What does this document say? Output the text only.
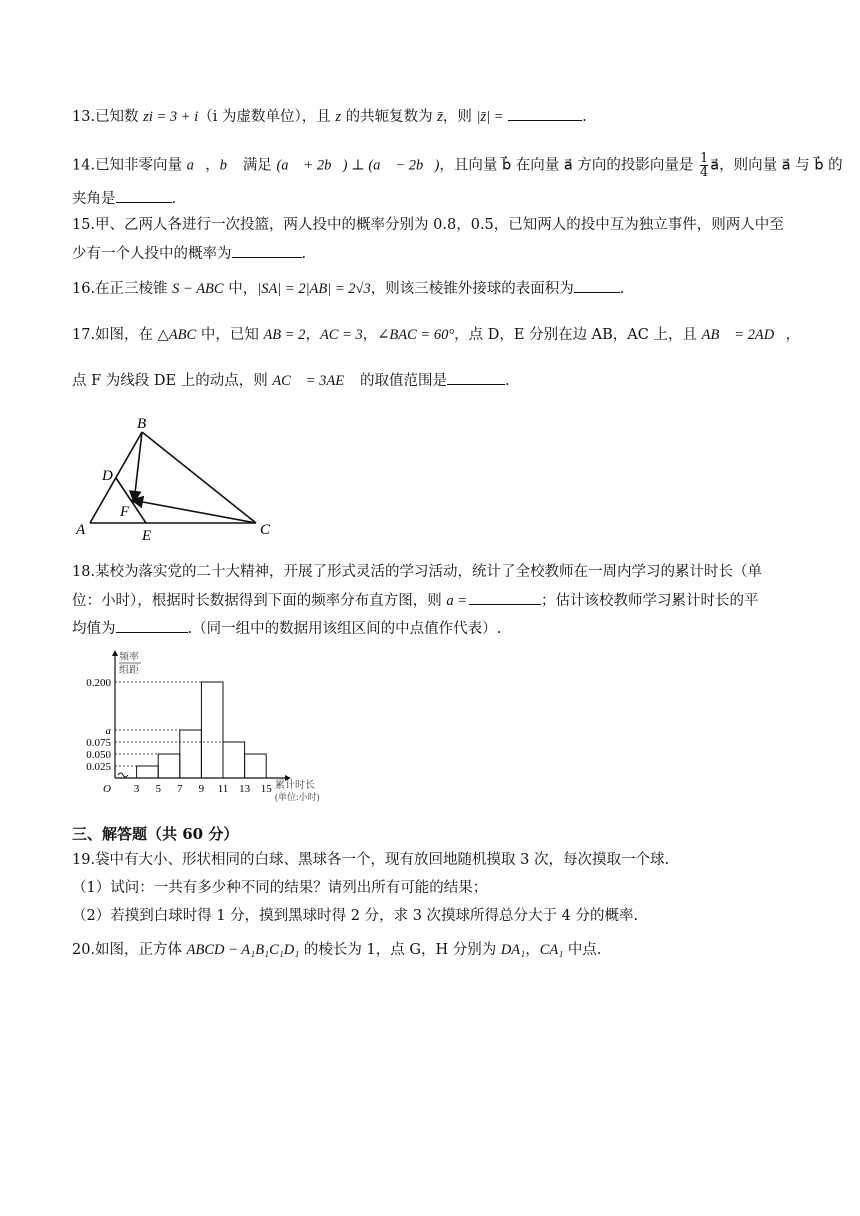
13.已知数 zi = 3 + i（i 为虚数单位），且 z 的共轭复数为 z̄，则 |z̄| =	.
14.已知非零向量 a⃗，b⃗ 满足 (a⃗ + 2b⃗) ⊥ (a⃗ − 2b⃗)，且向量 b⃗ 在向量 a⃗ 方向的投影向量是 $\frac{1}{4}$ a⃗，则向量 a⃗ 与 b⃗ 的
夹角是	.
15.甲、乙两人各进行一次投篮，两人投中的概率分别为 0.8，0.5，已知两人的投中互为独立事件，则两人中至
少有一个人投中的概率为	.
16.在正三棱锥 S − ABC 中，|SA| = 2|AB| = 2√3，则该三棱锥外接球的表面积为	.
17.如图，在 △ABC 中，已知 AB = 2，AC = 3，∠BAC = 60°，点 D，E 分别在边 AB，AC 上，且 AB⃗ = 2AD⃗，
点 F 为线段 DE 上的动点，则 AC⃗ = 3AE⃗ 的取值范围是	.
B
D
F
A	E	C
18.某校为落实党的二十大精神，开展了形式灵活的学习活动，统计了全校教师在一周内学习的累计时长（单
位：小时），根据时长数据得到下面的频率分布直方图，则 a =	；估计该校教师学习累计时长的平
均值为	.（同一组中的数据用该组区间的中点值作代表）.
频率
组距
0.200
a
0.075
0.050
0.025
3 5 7 9 11 13 15
O	累计时长
(单位:小时)
三、解答题（共 60 分）
19.袋中有大小、形状相同的白球、黑球各一个，现有放回地随机摸取 3 次，每次摸取一个球.
（1）试问：一共有多少种不同的结果？请列出所有可能的结果；
（2）若摸到白球时得 1 分，摸到黑球时得 2 分，求 3 次摸球所得总分大于 4 分的概率.
20.如图，正方体 ABCD − A₁B₁C₁D₁ 的棱长为 1，点 G，H 分别为 DA₁，CA₁ 中点.
